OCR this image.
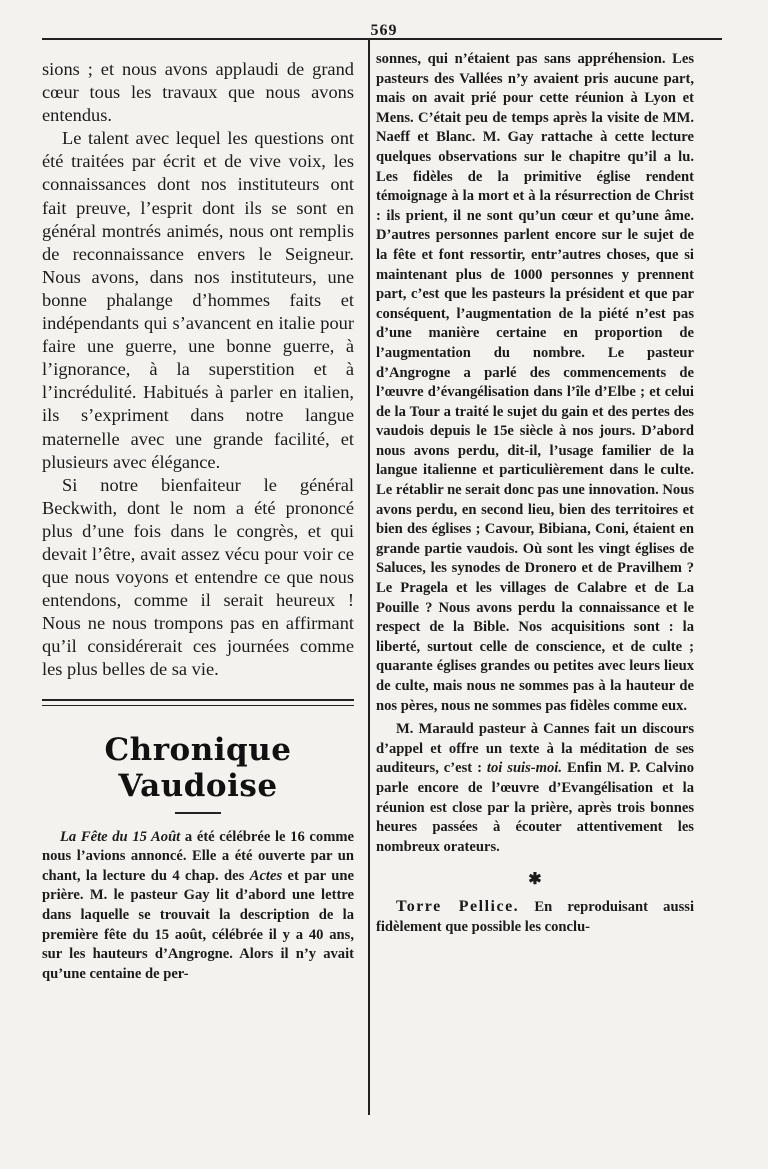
569

sions ; et nous avons applaudi de grand cœur tous les travaux que nous avons entendus.

Le talent avec lequel les questions ont été traitées par écrit et de vive voix, les connaissances dont nos instituteurs ont fait preuve, l’esprit dont ils se sont en général montrés animés, nous ont remplis de reconnaissance envers le Seigneur. Nous avons, dans nos instituteurs, une bonne phalange d’hommes faits et indépendants qui s’avancent en italie pour faire une guerre, une bonne guerre, à l’ignorance, à la superstition et à l’incrédulité. Habitués à parler en italien, ils s’expriment dans notre langue maternelle avec une grande facilité, et plusieurs avec élégance.

Si notre bienfaiteur le général Beckwith, dont le nom a été prononcé plus d’une fois dans le congrès, et qui devait l’être, avait assez vécu pour voir ce que nous voyons et entendre ce que nous entendons, comme il serait heureux ! Nous ne nous trompons pas en affirmant qu’il considérerait ces journées comme les plus belles de sa vie.

Chronique Vaudoise

La Fête du 15 Août a été célébrée le 16 comme nous l’avions annoncé. Elle a été ouverte par un chant, la lecture du 4 chap. des Actes et par une prière. M. le pasteur Gay lit d’abord une lettre dans laquelle se trouvait la description de la première fête du 15 août, célébrée il y a 40 ans, sur les hauteurs d’Angrogne. Alors il n’y avait qu’une centaine de per-

sonnes, qui n’étaient pas sans appréhension. Les pasteurs des Vallées n’y avaient pris aucune part, mais on avait prié pour cette réunion à Lyon et Mens. C’était peu de temps après la visite de MM. Naeff et Blanc. M. Gay rattache à cette lecture quelques observations sur le chapitre qu’il a lu. Les fidèles de la primitive église rendent témoignage à la mort et à la résurrection de Christ : ils prient, il ne sont qu’un cœur et qu’une âme. D’autres personnes parlent encore sur le sujet de la fête et font ressortir, entr’autres choses, que si maintenant plus de 1000 personnes y prennent part, c’est que les pasteurs la président et que par conséquent, l’augmentation de la piété n’est pas d’une manière certaine en proportion de l’augmentation du nombre. Le pasteur d’Angrogne a parlé des commencements de l’œuvre d’évangélisation dans l’île d’Elbe ; et celui de la Tour a traité le sujet du gain et des pertes des vaudois depuis le 15e siècle à nos jours. D’abord nous avons perdu, dit-il, l’usage familier de la langue italienne et particulièrement dans le culte. Le rétablir ne serait donc pas une innovation. Nous avons perdu, en second lieu, bien des territoires et bien des églises ; Cavour, Bibiana, Coni, étaient en grande partie vaudois. Où sont les vingt églises de Saluces, les synodes de Dronero et de Pravilhem ? Le Pragela et les villages de Calabre et de La Pouille ? Nous avons perdu la connaissance et le respect de la Bible. Nos acquisitions sont : la liberté, surtout celle de conscience, et de culte ; quarante églises grandes ou petites avec leurs lieux de culte, mais nous ne sommes pas à la hauteur de nos pères, nous ne sommes pas fidèles comme eux.

M. Marauld pasteur à Cannes fait un discours d’appel et offre un texte à la méditation de ses auditeurs, c’est : toi suis-moi. Enfin M. P. Calvino parle encore de l’œuvre d’Evangélisation et la réunion est close par la prière, après trois bonnes heures passées à écouter attentivement les nombreux orateurs.

✱

Torre Pellice. En reproduisant aussi fidèlement que possible les conclu-
